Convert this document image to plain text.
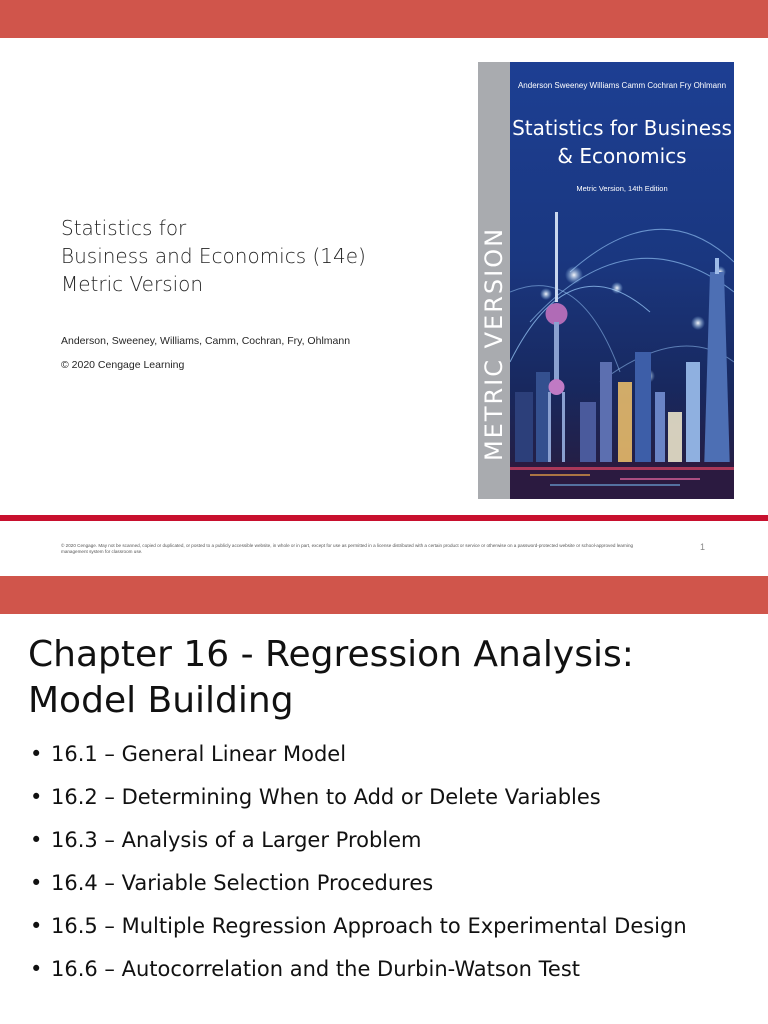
Statistics for
Business and Economics (14e)
Metric Version
Anderson, Sweeney, Williams, Camm, Cochran, Fry, Ohlmann
© 2020 Cengage Learning	METRIC VERSION
Anderson Sweeney Williams Camm Cochran Fry Ohlmann
Statistics for Business
& Economics
Metric Version, 14th Edition
© 2020 Cengage. May not be scanned, copied or duplicated, or posted to a publicly accessible website, in whole or in part, except for use as permitted in a license distributed with a certain product or service or otherwise on a password-protected website or school-approved learning management system for classroom use.	1
Chapter 16 - Regression Analysis:
Model Building
• 16.1 – General Linear Model
• 16.2 – Determining When to Add or Delete Variables
• 16.3 – Analysis of a Larger Problem
• 16.4 – Variable Selection Procedures
• 16.5 – Multiple Regression Approach to Experimental Design
• 16.6 – Autocorrelation and the Durbin-Watson Test
